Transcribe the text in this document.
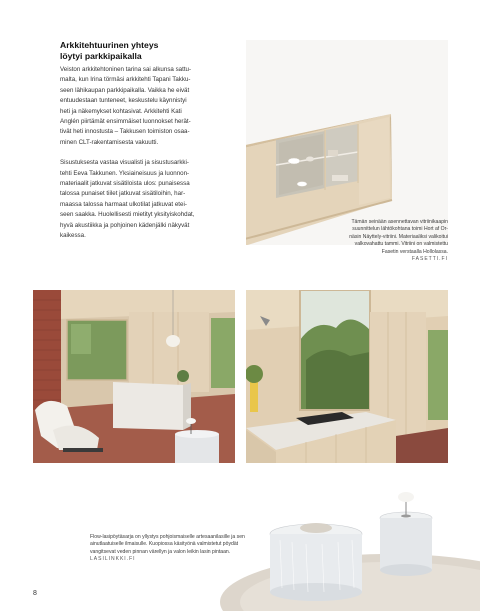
Arkkitehtuurinen yhteys
löytyi parkkipaikalla

Veiston arkkitehtoninen tarina sai alkunsa sattu-
malta, kun Irina törmäsi arkkitehti Tapani Takku-
seen lähikaupan parkkipaikalla. Vaikka he eivät
entuudestaan tunteneet, keskustelu käynnistyi
heti ja näkemykset kohtasivat. Arkkitehti Kati
Anglén piirtämät ensimmäiset luonnokset herät-
tivät heti innostusta – Takkusen toimiston osaa-
minen CLT-rakentamisesta vakuutti.

Sisustuksesta vastaa visualisti ja sisustusarkki-
tehti Eeva Takkunen. Yksiaineisuus ja luonnon-
materiaalit jatkuvat sisätiloista ulos: punaisessa
talossa punaiset tiilet jatkuvat sisätiloihin, har-
maassa talossa harmaat ulkotilat jatkuvat etei-
seen saakka. Huolellisesti mietityt yksityiskohdat,
hyvä akustiikka ja pohjoinen kädenjälki näkyvät
kaikessa.

Tämän seinään asennettavan vitriinikaapin
suunnittelun lähtökohtana toimi Hort af Or-
näsin Näyttely-vitriini. Materiaaliksi valikoitui
valkovahattu tammi. Vitriini on valmistettu
Fasetin verstaalla Hollolassa.
FASETTI.FI
Flow-lasipöytäsarja on yllystys pohjoismaiselle artesaanilasille ja sen
ainutlaatuiselle ilmaisulle. Kuopiossa käsityönä valmistetut pöydät
vangitsevat veden pinnan värellyn ja valon leikin lasin pintaan.
LASILINKKI.FI
8
